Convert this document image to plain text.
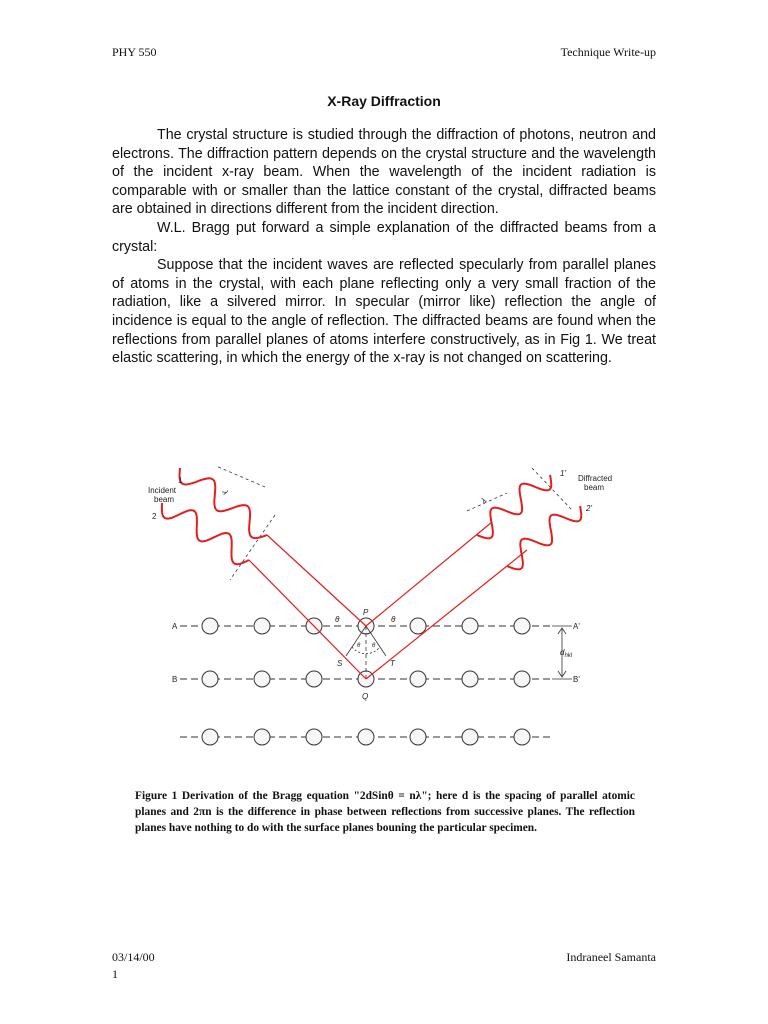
PHY 550	Technique Write-up
X-Ray Diffraction

The crystal structure is studied through the diffraction of photons, neutron and electrons. The diffraction pattern depends on the crystal structure and the wavelength of the incident x-ray beam. When the wavelength of the incident radiation is comparable with or smaller than the lattice constant of the crystal, diffracted beams are obtained in directions different from the incident direction.

W.L. Bragg put forward a simple explanation of the diffracted beams from a crystal:

Suppose that the incident waves are reflected specularly from parallel planes of atoms in the crystal, with each plane reflecting only a very small fraction of the radiation, like a silvered mirror. In specular (mirror like) reflection the angle of incidence is equal to the angle of reflection. The diffracted beams are found when the reflections from parallel planes of atoms interfere constructively, as in Fig 1. We treat elastic scattering, in which the energy of the x-ray is not changed on scattering.

Incident
beam
1
2
Diffracted
beam
1'
2'
λ
λ
A
B
A'
B'
P
Q
S	T
θ	θ
θ θ
$d_{hkl}$
Figure 1 Derivation of the Bragg equation "2dSinθ = nλ"; here d is the spacing of parallel atomic planes and 2πn is the difference in phase between reflections from successive planes. The reflection planes have nothing to do with the surface planes bouning the particular specimen.
03/14/00
1
Indraneel Samanta
